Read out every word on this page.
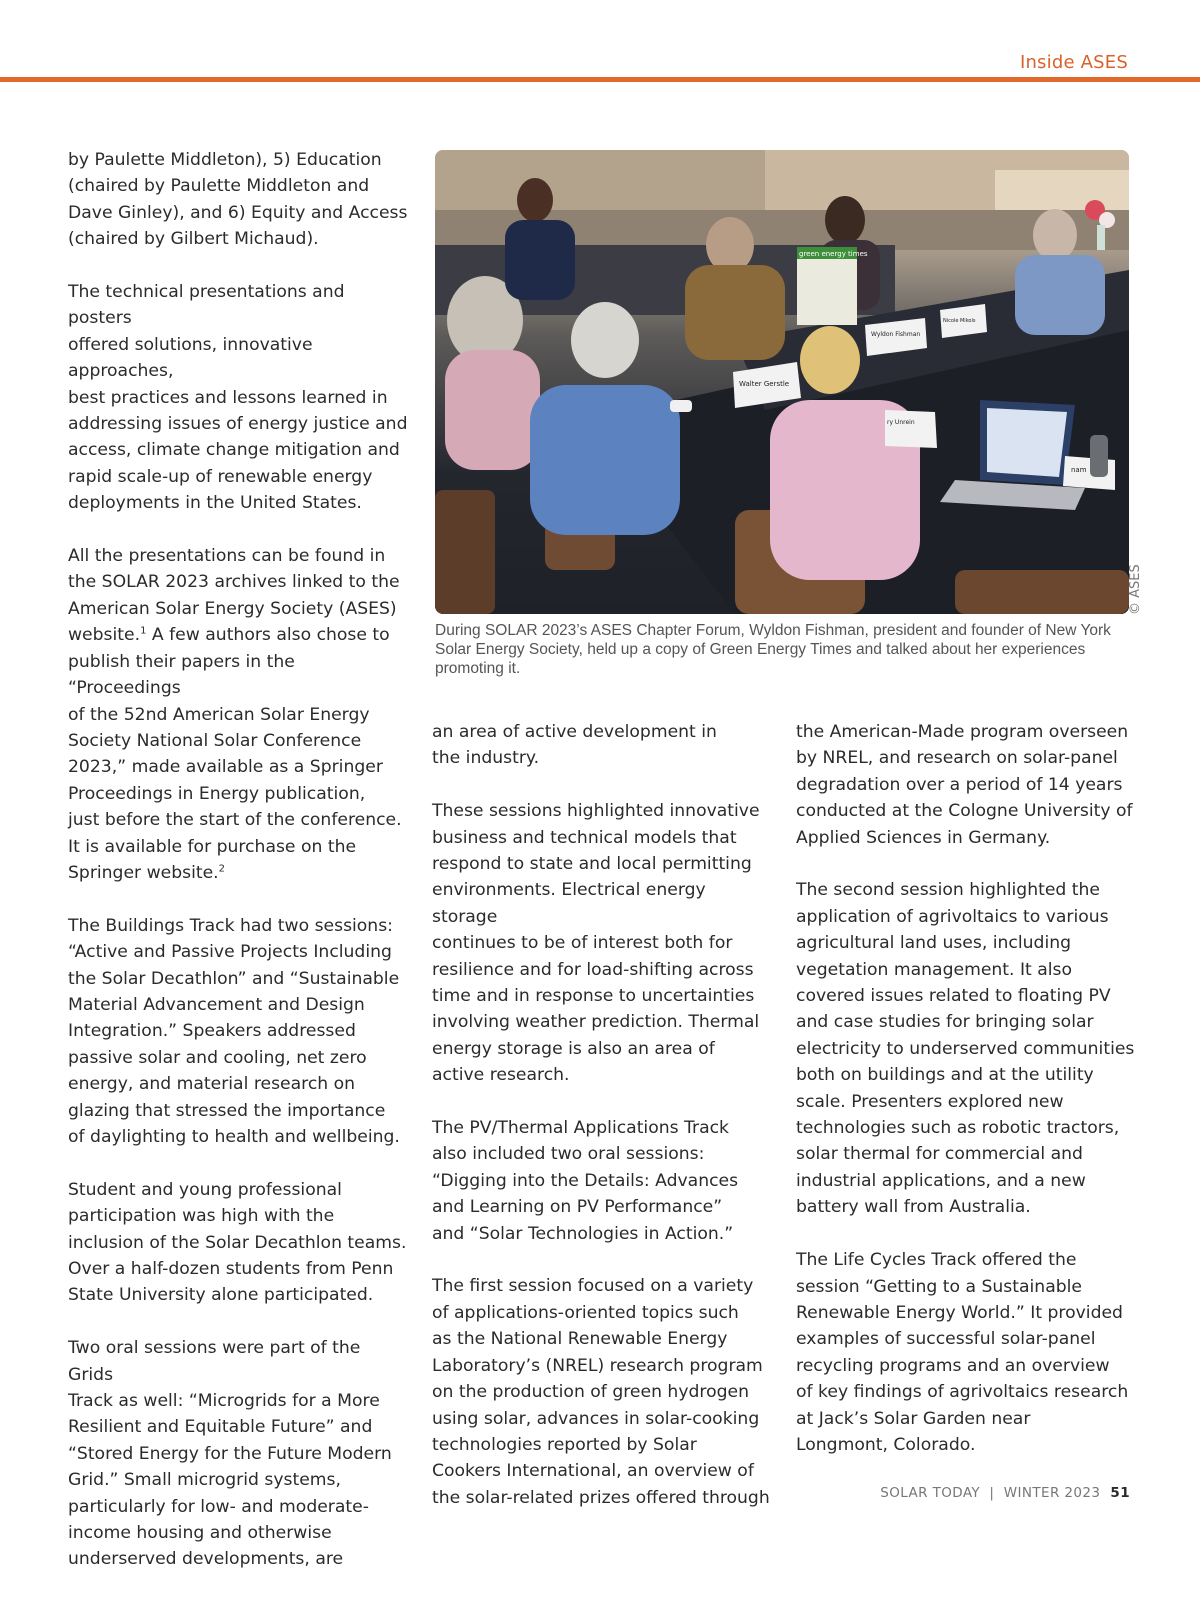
Inside ASES

by Paulette Middleton), 5) Education
(chaired by Paulette Middleton and
Dave Ginley), and 6) Equity and Access
(chaired by Gilbert Michaud).

The technical presentations and posters
offered solutions, innovative approaches,
best practices and lessons learned in
addressing issues of energy justice and
access, climate change mitigation and
rapid scale-up of renewable energy
deployments in the United States.

All the presentations can be found in
the SOLAR 2023 archives linked to the
American Solar Energy Society (ASES)
website.$^1$ A few authors also chose to
publish their papers in the “Proceedings
of the 52nd American Solar Energy
Society National Solar Conference
2023,” made available as a Springer
Proceedings in Energy publication,
just before the start of the conference.
It is available for purchase on the
Springer website.$^2$

The Buildings Track had two sessions:
“Active and Passive Projects Including
the Solar Decathlon” and “Sustainable
Material Advancement and Design
Integration.” Speakers addressed
passive solar and cooling, net zero
energy, and material research on
glazing that stressed the importance
of daylighting to health and wellbeing.

Student and young professional
participation was high with the
inclusion of the Solar Decathlon teams.
Over a half-dozen students from Penn
State University alone participated.

Two oral sessions were part of the Grids
Track as well: “Microgrids for a More
Resilient and Equitable Future” and
“Stored Energy for the Future Modern
Grid.” Small microgrid systems,
particularly for low- and moderate-
income housing and otherwise
underserved developments, are

green energy times
Wyldon Fishman
Nicole Mikols
Walter Gerstle
ry Unrein
nam
© ASES
During SOLAR 2023’s ASES Chapter Forum, Wyldon Fishman, president and founder of New York Solar Energy Society, held up a copy of Green Energy Times and talked about her experiences promoting it.

an area of active development in
the industry.

These sessions highlighted innovative
business and technical models that
respond to state and local permitting
environments. Electrical energy storage
continues to be of interest both for
resilience and for load-shifting across
time and in response to uncertainties
involving weather prediction. Thermal
energy storage is also an area of
active research.

The PV/Thermal Applications Track
also included two oral sessions:
“Digging into the Details: Advances
and Learning on PV Performance”
and “Solar Technologies in Action.”

The first session focused on a variety
of applications-oriented topics such
as the National Renewable Energy
Laboratory’s (NREL) research program
on the production of green hydrogen
using solar, advances in solar-cooking
technologies reported by Solar
Cookers International, an overview of
the solar-related prizes offered through

the American-Made program overseen
by NREL, and research on solar-panel
degradation over a period of 14 years
conducted at the Cologne University of
Applied Sciences in Germany.

The second session highlighted the
application of agrivoltaics to various
agricultural land uses, including
vegetation management. It also
covered issues related to floating PV
and case studies for bringing solar
electricity to underserved communities
both on buildings and at the utility
scale. Presenters explored new
technologies such as robotic tractors,
solar thermal for commercial and
industrial applications, and a new
battery wall from Australia.

The Life Cycles Track offered the
session “Getting to a Sustainable
Renewable Energy World.” It provided
examples of successful solar-panel
recycling programs and an overview
of key findings of agrivoltaics research
at Jack’s Solar Garden near
Longmont, Colorado.

SOLAR TODAY  |  WINTER 2023 51
